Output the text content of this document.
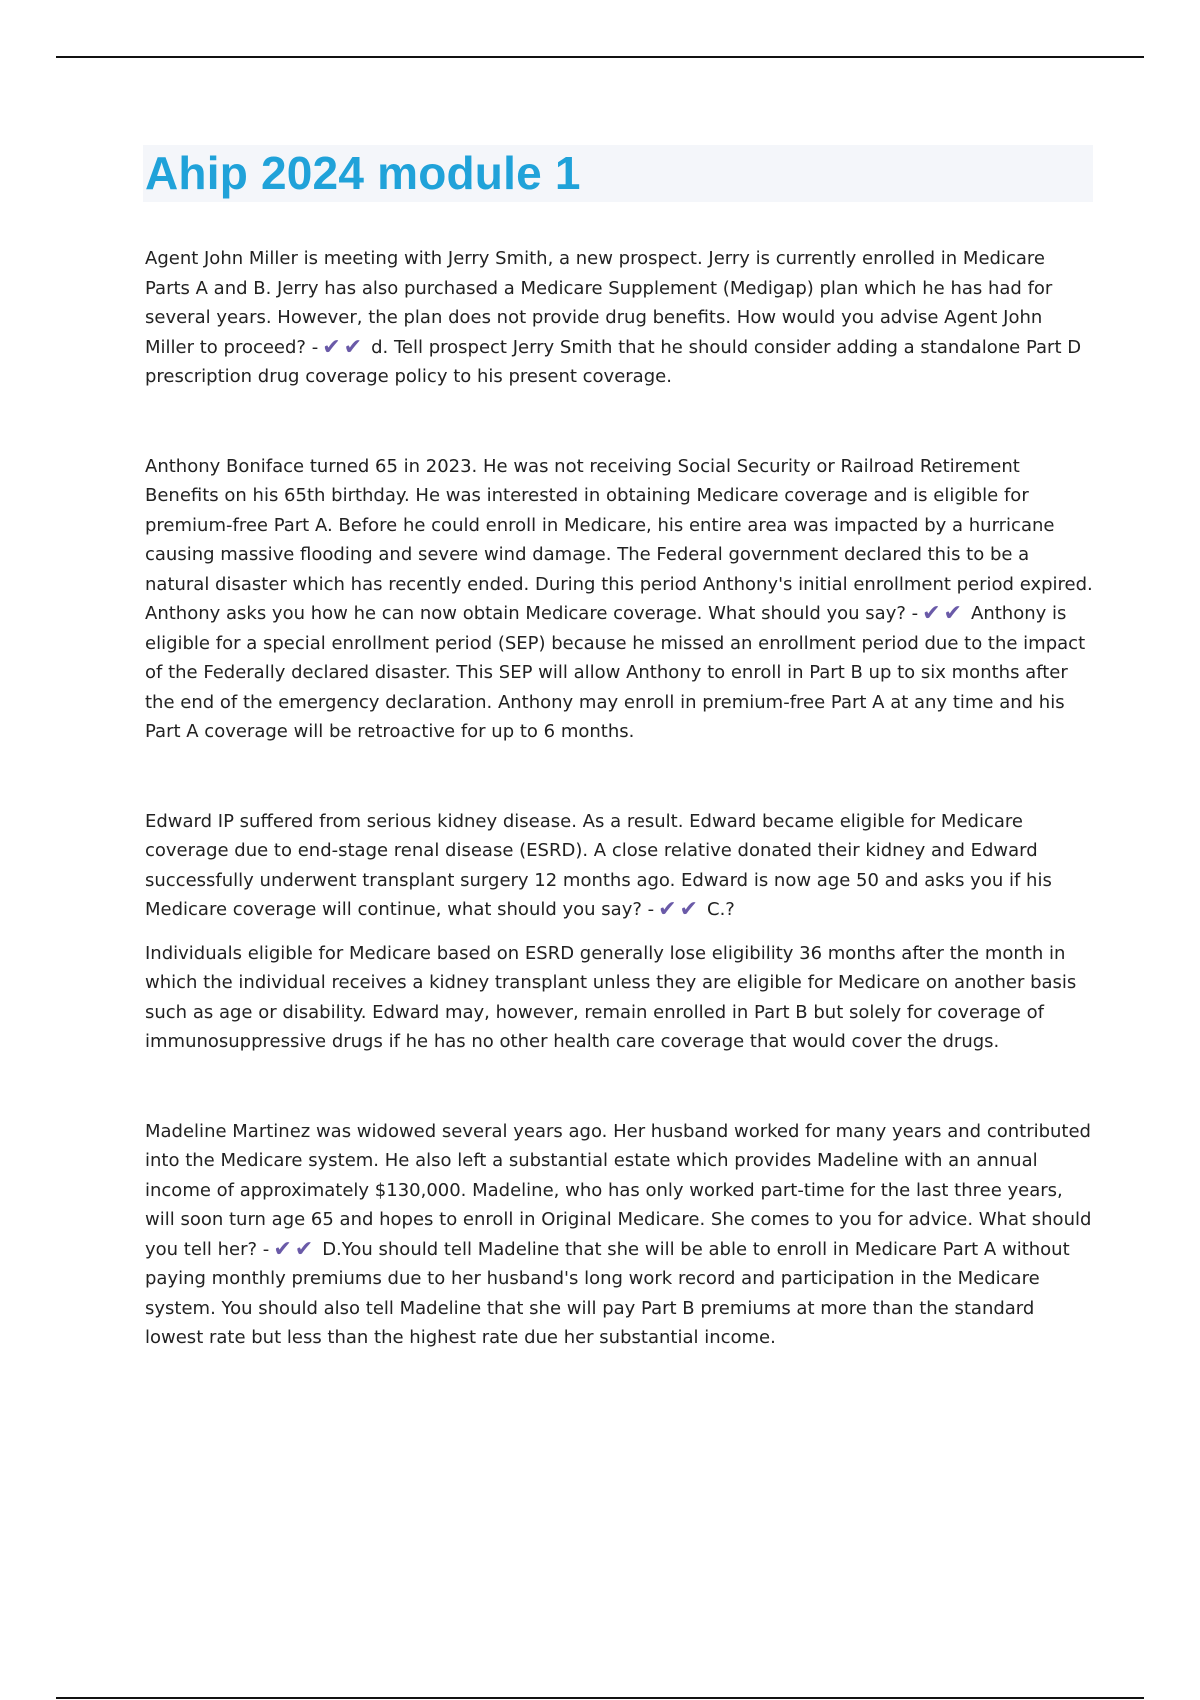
Ahip 2024 module 1

Agent John Miller is meeting with Jerry Smith, a new prospect. Jerry is currently enrolled in Medicare Parts A and B. Jerry has also purchased a Medicare Supplement (Medigap) plan which he has had for several years. However, the plan does not provide drug benefits. How would you advise Agent John Miller to proceed? - ✔✔ d. Tell prospect Jerry Smith that he should consider adding a standalone Part D prescription drug coverage policy to his present coverage.

Anthony Boniface turned 65 in 2023. He was not receiving Social Security or Railroad Retirement Benefits on his 65th birthday. He was interested in obtaining Medicare coverage and is eligible for premium-free Part A. Before he could enroll in Medicare, his entire area was impacted by a hurricane causing massive flooding and severe wind damage. The Federal government declared this to be a natural disaster which has recently ended. During this period Anthony's initial enrollment period expired. Anthony asks you how he can now obtain Medicare coverage. What should you say? - ✔✔ Anthony is eligible for a special enrollment period (SEP) because he missed an enrollment period due to the impact of the Federally declared disaster. This SEP will allow Anthony to enroll in Part B up to six months after the end of the emergency declaration. Anthony may enroll in premium-free Part A at any time and his Part A coverage will be retroactive for up to 6 months.

Edward IP suffered from serious kidney disease. As a result. Edward became eligible for Medicare coverage due to end-stage renal disease (ESRD). A close relative donated their kidney and Edward successfully underwent transplant surgery 12 months ago. Edward is now age 50 and asks you if his Medicare coverage will continue, what should you say? - ✔✔ C.?

Individuals eligible for Medicare based on ESRD generally lose eligibility 36 months after the month in which the individual receives a kidney transplant unless they are eligible for Medicare on another basis such as age or disability. Edward may, however, remain enrolled in Part B but solely for coverage of immunosuppressive drugs if he has no other health care coverage that would cover the drugs.

Madeline Martinez was widowed several years ago. Her husband worked for many years and contributed into the Medicare system. He also left a substantial estate which provides Madeline with an annual income of approximately $130,000. Madeline, who has only worked part-time for the last three years, will soon turn age 65 and hopes to enroll in Original Medicare. She comes to you for advice. What should you tell her? - ✔✔ D.You should tell Madeline that she will be able to enroll in Medicare Part A without paying monthly premiums due to her husband's long work record and participation in the Medicare system. You should also tell Madeline that she will pay Part B premiums at more than the standard lowest rate but less than the highest rate due her substantial income.
